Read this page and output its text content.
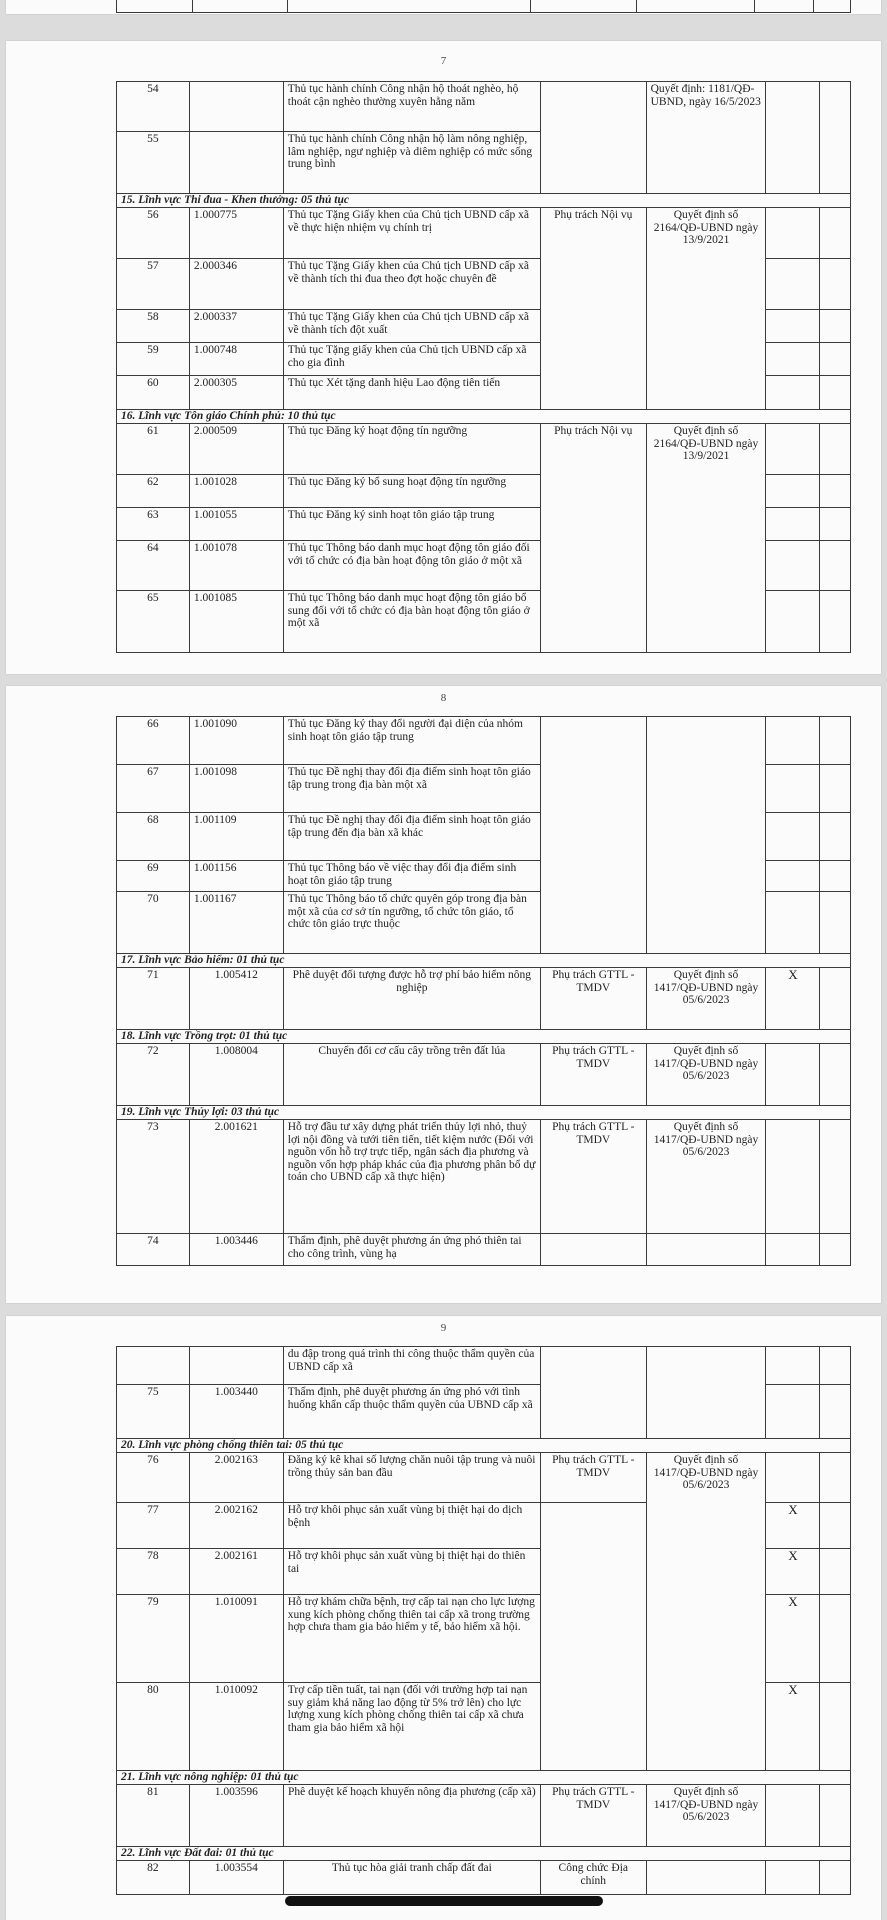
7
54		Thủ tục hành chính Công nhận hộ thoát nghèo, hộ thoát cận nghèo thường xuyên hằng năm		Quyết định: 1181/QĐ-UBND, ngày 16/5/2023		
55		Thủ tục hành chính Công nhận hộ làm nông nghiệp, lâm nghiệp, ngư nghiệp và diêm nghiệp có mức sống trung bình				
15. Lĩnh vực Thi đua - Khen thưởng: 05 thủ tục						
56	1.000775	Thủ tục Tặng Giấy khen của Chủ tịch UBND cấp xã về thực hiện nhiệm vụ chính trị	Phụ trách Nội vụ	Quyết định số 2164/QĐ-UBND ngày 13/9/2021		
57	2.000346	Thủ tục Tặng Giấy khen của Chủ tịch UBND cấp xã về thành tích thi đua theo đợt hoặc chuyên đề				
58	2.000337	Thủ tục Tặng Giấy khen của Chủ tịch UBND cấp xã về thành tích đột xuất				
59	1.000748	Thủ tục Tặng giấy khen của Chủ tịch UBND cấp xã cho gia đình				
60	2.000305	Thủ tục Xét tặng danh hiệu Lao động tiên tiến				
16. Lĩnh vực Tôn giáo Chính phủ: 10 thủ tục						
61	2.000509	Thủ tục Đăng ký hoạt động tín ngưỡng	Phụ trách Nội vụ	Quyết định số 2164/QĐ-UBND ngày 13/9/2021		
62	1.001028	Thủ tục Đăng ký bổ sung hoạt động tín ngưỡng				
63	1.001055	Thủ tục Đăng ký sinh hoạt tôn giáo tập trung				
64	1.001078	Thủ tục Thông báo danh mục hoạt động tôn giáo đối với tổ chức có địa bàn hoạt động tôn giáo ở một xã				
65	1.001085	Thủ tục Thông báo danh mục hoạt động tôn giáo bổ sung đối với tổ chức có địa bàn hoạt động tôn giáo ở một xã				
8
66	1.001090	Thủ tục Đăng ký thay đổi người đại diện của nhóm sinh hoạt tôn giáo tập trung				
67	1.001098	Thủ tục Đề nghị thay đổi địa điểm sinh hoạt tôn giáo tập trung trong địa bàn một xã				
68	1.001109	Thủ tục Đề nghị thay đổi địa điểm sinh hoạt tôn giáo tập trung đến địa bàn xã khác				
69	1.001156	Thủ tục Thông báo về việc thay đổi địa điểm sinh hoạt tôn giáo tập trung				
70	1.001167	Thủ tục Thông báo tổ chức quyên góp trong địa bàn một xã của cơ sở tín ngưỡng, tổ chức tôn giáo, tổ chức tôn giáo trực thuộc				
17. Lĩnh vực Bảo hiểm: 01 thủ tục						
71	1.005412	Phê duyệt đối tượng được hỗ trợ phí bảo hiểm nông nghiệp	Phụ trách GTTL - TMDV	Quyết định số 1417/QĐ-UBND ngày 05/6/2023	X	
18. Lĩnh vực Trồng trọt: 01 thủ tục						
72	1.008004	Chuyển đổi cơ cấu cây trồng trên đất lúa	Phụ trách GTTL - TMDV	Quyết định số 1417/QĐ-UBND ngày 05/6/2023		
19. Lĩnh vực Thủy lợi: 03 thủ tục						
73	2.001621	Hỗ trợ đầu tư xây dựng phát triển thủy lợi nhỏ, thuỷ lợi nội đồng và tưới tiên tiến, tiết kiệm nước (Đối với nguồn vốn hỗ trợ trực tiếp, ngân sách địa phương và nguồn vốn hợp pháp khác của địa phương phân bổ dự toán cho UBND cấp xã thực hiện)	Phụ trách GTTL - TMDV	Quyết định số 1417/QĐ-UBND ngày 05/6/2023		
74	1.003446	Thẩm định, phê duyệt phương án ứng phó thiên tai cho công trình, vùng hạ				
9
		du đập trong quá trình thi công thuộc thẩm quyền của UBND cấp xã				
75	1.003440	Thẩm định, phê duyệt phương án ứng phó với tình huống khẩn cấp thuộc thẩm quyền của UBND cấp xã				
20. Lĩnh vực phòng chống thiên tai: 05 thủ tục						
76	2.002163	Đăng ký kê khai số lượng chăn nuôi tập trung và nuôi trồng thủy sản ban đầu	Phụ trách GTTL - TMDV	Quyết định số 1417/QĐ-UBND ngày 05/6/2023		
77	2.002162	Hỗ trợ khôi phục sản xuất vùng bị thiệt hại do dịch bệnh			X	
78	2.002161	Hỗ trợ khôi phục sản xuất vùng bị thiệt hại do thiên tai			X	
79	1.010091	Hỗ trợ khám chữa bệnh, trợ cấp tai nạn cho lực lượng xung kích phòng chống thiên tai cấp xã trong trường hợp chưa tham gia bảo hiểm y tế, bảo hiểm xã hội.			X	
80	1.010092	Trợ cấp tiền tuất, tai nạn (đối với trường hợp tai nạn suy giảm khả năng lao động từ 5% trở lên) cho lực lượng xung kích phòng chống thiên tai cấp xã chưa tham gia bảo hiểm xã hội			X	
21. Lĩnh vực nông nghiệp: 01 thủ tục						
81	1.003596	Phê duyệt kế hoạch khuyến nông địa phương (cấp xã)	Phụ trách GTTL - TMDV	Quyết định số 1417/QĐ-UBND ngày 05/6/2023		
22. Lĩnh vực Đất đai: 01 thủ tục						
82	1.003554	Thủ tục hòa giải tranh chấp đất đai	Công chức Địa chính			
